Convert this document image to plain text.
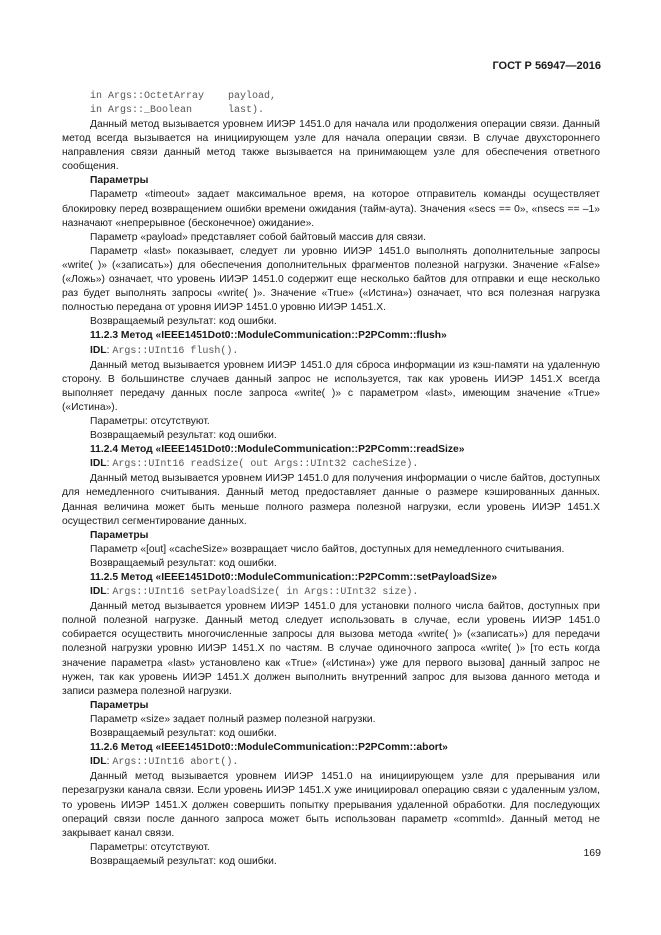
ГОСТ Р 56947—2016
in Args::OctetArray    payload,
in Args::_Boolean      last).

Данный метод вызывается уровнем ИИЭР 1451.0 для начала или продолжения операции связи. Данный метод всегда вызывается на инициирующем узле для начала операции связи. В случае двухстороннего направления связи данный метод также вызывается на принимающем узле для обеспечения ответного сообщения.

Параметры

Параметр «timeout» задает максимальное время, на которое отправитель команды осуществляет блокировку перед возвращением ошибки времени ожидания (тайм-аута). Значения «secs == 0», «nsecs == –1» назначают «непрерывное (бесконечное) ожидание».

Параметр «payload» представляет собой байтовый массив для связи.

Параметр «last» показывает, следует ли уровню ИИЭР 1451.0 выполнять дополнительные запросы «write( )» («записать») для обеспечения дополнительных фрагментов полезной нагрузки. Значение «False» («Ложь») означает, что уровень ИИЭР 1451.0 содержит еще несколько байтов для отправки и еще несколько раз будет выполнять запросы «write( )». Значение «True» («Истина») означает, что вся полезная нагрузка полностью передана от уровня ИИЭР 1451.0 уровню ИИЭР 1451.X.

Возвращаемый результат: код ошибки.

11.2.3 Метод «IEEE1451Dot0::ModuleCommunication::P2PComm::flush»

IDL: Args::UInt16 flush().

Данный метод вызывается уровнем ИИЭР 1451.0 для сброса информации из кэш-памяти на удаленную сторону. В большинстве случаев данный запрос не используется, так как уровень ИИЭР 1451.X всегда выполняет передачу данных после запроса «write( )» с параметром «last», имеющим значение «True» («Истина»).

Параметры: отсутствуют.

Возвращаемый результат: код ошибки.

11.2.4 Метод «IEEE1451Dot0::ModuleCommunication::P2PComm::readSize»

IDL: Args::UInt16 readSize( out Args::UInt32 cacheSize).

Данный метод вызывается уровнем ИИЭР 1451.0 для получения информации о числе байтов, доступных для немедленного считывания. Данный метод предоставляет данные о размере кэшированных данных. Данная величина может быть меньше полного размера полезной нагрузки, если уровень ИИЭР 1451.X осуществил сегментирование данных.

Параметры

Параметр «[out] «cacheSize» возвращает число байтов, доступных для немедленного считывания.

Возвращаемый результат: код ошибки.

11.2.5 Метод «IEEE1451Dot0::ModuleCommunication::P2PComm::setPayloadSize»

IDL: Args::UInt16 setPayloadSize( in Args::UInt32 size).

Данный метод вызывается уровнем ИИЭР 1451.0 для установки полного числа байтов, доступных при полной полезной нагрузке. Данный метод следует использовать в случае, если уровень ИИЭР 1451.0 собирается осуществить многочисленные запросы для вызова метода «write( )» («записать») для передачи полезной нагрузки уровню ИИЭР 1451.X по частям. В случае одиночного запроса «write( )» [то есть когда значение параметра «last» установлено как «True» («Истина») уже для первого вызова] данный запрос не нужен, так как уровень ИИЭР 1451.X должен выполнить внутренний запрос для вызова данного метода и записи размера полезной нагрузки.

Параметры

Параметр «size» задает полный размер полезной нагрузки.

Возвращаемый результат: код ошибки.

11.2.6 Метод «IEEE1451Dot0::ModuleCommunication::P2PComm::abort»

IDL: Args::UInt16 abort().

Данный метод вызывается уровнем ИИЭР 1451.0 на инициирующем узле для прерывания или перезагрузки канала связи. Если уровень ИИЭР 1451.X уже инициировал операцию связи с удаленным узлом, то уровень ИИЭР 1451.X должен совершить попытку прерывания удаленной обработки. Для последующих операций связи после данного запроса может быть использован параметр «commId». Данный метод не закрывает канал связи.

Параметры: отсутствуют.

Возвращаемый результат: код ошибки.

169
